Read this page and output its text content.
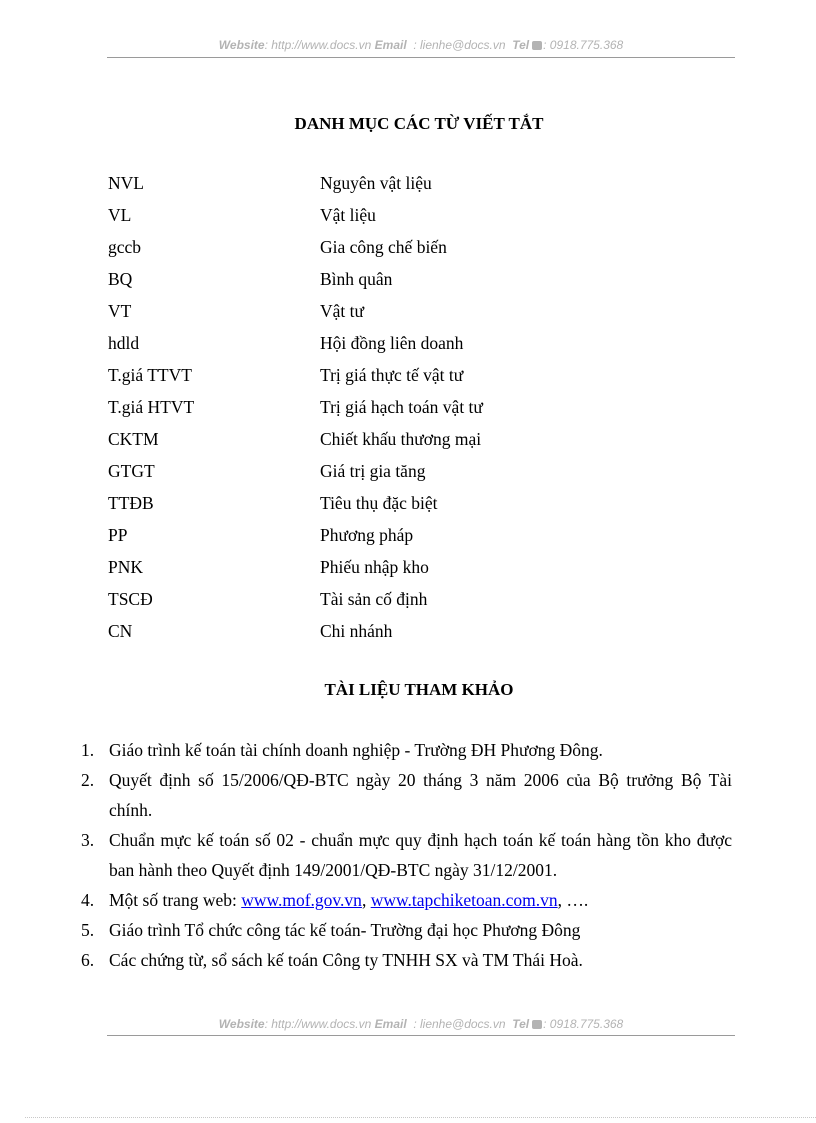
Website: http://www.docs.vn Email : lienhe@docs.vn Tel : 0918.775.368
DANH MỤC CÁC TỪ VIẾT TẮT
NVL	Nguyên vật liệu
VL	Vật liệu
gccb	Gia công chế biến
BQ	Bình quân
VT	Vật tư
hdld	Hội đồng liên doanh
T.giá TTVT	Trị giá thực tế vật tư
T.giá HTVT	Trị giá hạch toán vật tư
CKTM	Chiết khấu thương mại
GTGT	Giá trị gia tăng
TTĐB	Tiêu thụ đặc biệt
PP	Phương pháp
PNK	Phiếu nhập kho
TSCĐ	Tài sản cố định
CN	Chi nhánh
TÀI LIỆU THAM KHẢO
1. Giáo trình kế toán tài chính doanh nghiệp - Trường ĐH Phương Đông.
2. Quyết định số 15/2006/QĐ-BTC ngày 20 tháng 3 năm 2006 của Bộ trưởng Bộ Tài chính.
3. Chuẩn mực kế toán số 02 - chuẩn mực quy định hạch toán kế toán hàng tồn kho được ban hành theo Quyết định 149/2001/QĐ-BTC ngày 31/12/2001.
4. Một số trang web: www.mof.gov.vn, www.tapchiketoan.com.vn, ….
5. Giáo trình Tổ chức công tác kế toán- Trường đại học Phương Đông
6. Các chứng từ, sổ sách kế toán Công ty TNHH SX và TM Thái Hoà.
Website: http://www.docs.vn Email : lienhe@docs.vn Tel : 0918.775.368
